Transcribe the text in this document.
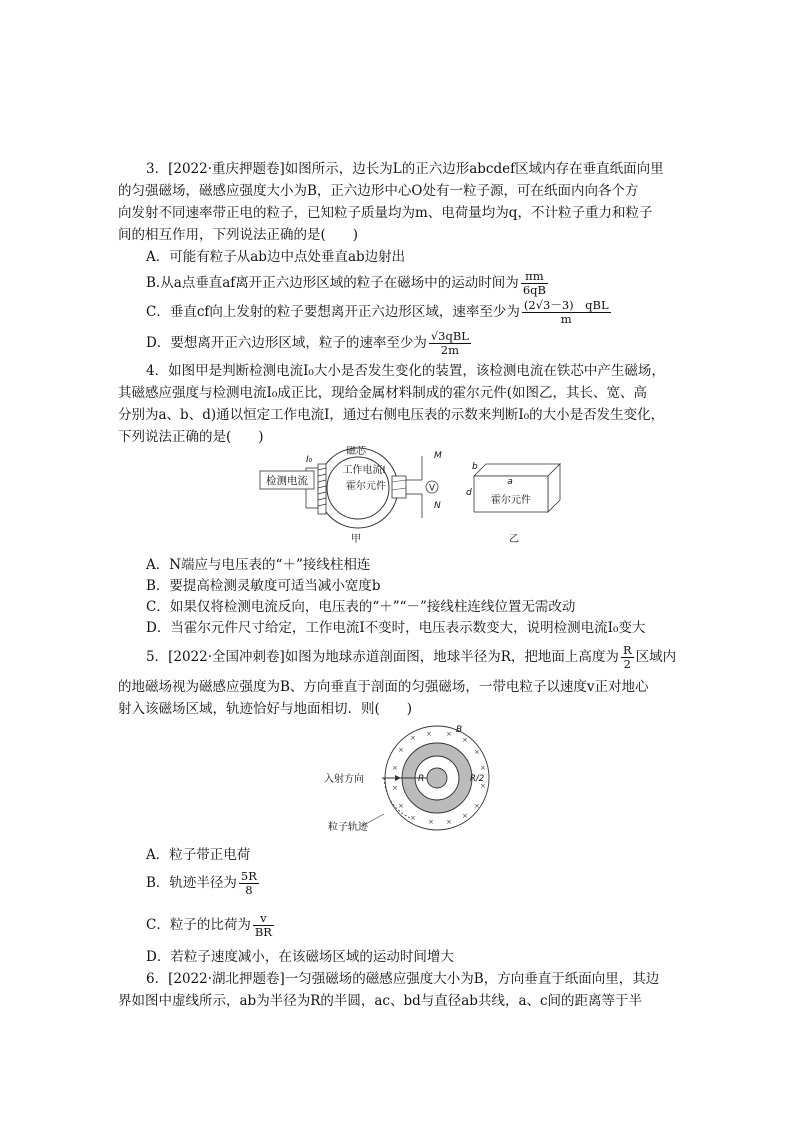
3．[2022·重庆押题卷]如图所示，边长为L的正六边形abcdef区域内存在垂直纸面向里
的匀强磁场，磁感应强度大小为B，正六边形中心O处有一粒子源，可在纸面内向各个方
向发射不同速率带正电的粒子，已知粒子质量均为m、电荷量均为q，不计粒子重力和粒子
间的相互作用，下列说法正确的是(　　)
A．可能有粒子从ab边中点处垂直ab边射出
B.从a点垂直af离开正六边形区域的粒子在磁场中的运动时间为 $\frac{\pi m}{6qB}$
C．垂直cf向上发射的粒子要想离开正六边形区域，速率至少为 $\frac{\text{(2√3－3)　qBL}}{m}$
D．要想离开正六边形区域，粒子的速率至少为 $\frac{\text{√3qBL}}{2m}$
4．如图甲是判断检测电流I₀大小是否发生变化的装置，该检测电流在铁芯中产生磁场，
其磁感应强度与检测电流I₀成正比，现给金属材料制成的霍尔元件(如图乙，其长、宽、高
分别为a、b、d)通以恒定工作电流I，通过右侧电压表的示数来判断I₀的大小是否发生变化，
下列说法正确的是(　　)
检测电流
I₀
磁芯
工作电流I
霍尔元件	V
M
N
甲
b
a
d
霍尔元件
乙
A．N端应与电压表的“＋”接线柱相连
B．要提高检测灵敏度可适当减小宽度b
C．如果仅将检测电流反向，电压表的“＋”“－”接线柱连线位置无需改动
D．当霍尔元件尺寸给定，工作电流I不变时，电压表示数变大，说明检测电流I₀变大
5．[2022·全国冲刺卷]如图为地球赤道剖面图，地球半径为R，把地面上高度为 $\frac{R}{2}$ 区域内
的地磁场视为磁感应强度为B、方向垂直于剖面的匀强磁场，一带电粒子以速度v正对地心
射入该磁场区域，轨迹恰好与地面相切．则(　　)
× × ×
×
×	×
×	×
×	×
×	×
× × ×
×
入射方向
粒子轨迹
R	R/2
B
A．粒子带正电荷
B．轨迹半径为 $\frac{5R}{8}$
C．粒子的比荷为 $\frac{v}{BR}$
D．若粒子速度减小，在该磁场区域的运动时间增大
6．[2022·湖北押题卷]一匀强磁场的磁感应强度大小为B，方向垂直于纸面向里，其边
界如图中虚线所示，ab为半径为R的半圆，ac、bd与直径ab共线，a、c间的距离等于半
